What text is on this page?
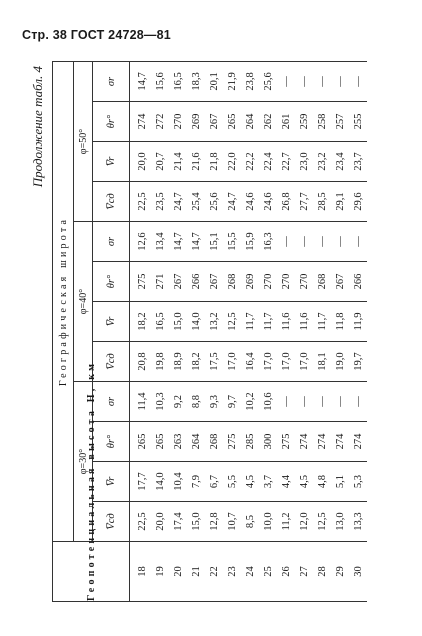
Стр. 38 ГОСТ 24728—81
Продолжение табл. 4
Геопотенциальная высота H, км	Географическая широта											
	φ=30°				φ=40°				φ=50°			
	V̅сд	V̅r	θr°	σr	V̅сд	V̅r	θr°	σr	V̅сд	V̅r	θr°	σr
18	22,5	17,7	265	11,4	20,8	18,2	275	12,6	22,5	20,0	274	14,7
19	20,0	14,0	265	10,3	19,8	16,5	271	13,4	23,5	20,7	272	15,6
20	17,4	10,4	263	9,2	18,9	15,0	267	14,7	24,7	21,4	270	16,5
21	15,0	7,9	264	8,8	18,2	14,0	266	14,7	25,4	21,6	269	18,3
22	12,8	6,7	268	9,3	17,5	13,2	267	15,1	25,6	21,8	267	20,1
23	10,7	5,5	275	9,7	17,0	12,5	268	15,5	24,7	22,0	265	21,9
24	8,5	4,5	285	10,2	16,4	11,7	269	15,9	24,6	22,2	264	23,8
25	10,0	3,7	300	10,6	17,0	11,7	270	16,3	24,6	22,4	262	25,6
26	11,2	4,4	275	—	17,0	11,6	270	—	26,8	22,7	261	—
27	12,0	4,5	274	—	17,0	11,6	270	—	27,7	23,0	259	—
28	12,5	4,8	274	—	18,1	11,7	268	—	28,5	23,2	258	—
29	13,0	5,1	274	—	19,0	11,8	267	—	29,1	23,4	257	—
30	13,3	5,3	274	—	19,7	11,9	266	—	29,6	23,7	255	—
